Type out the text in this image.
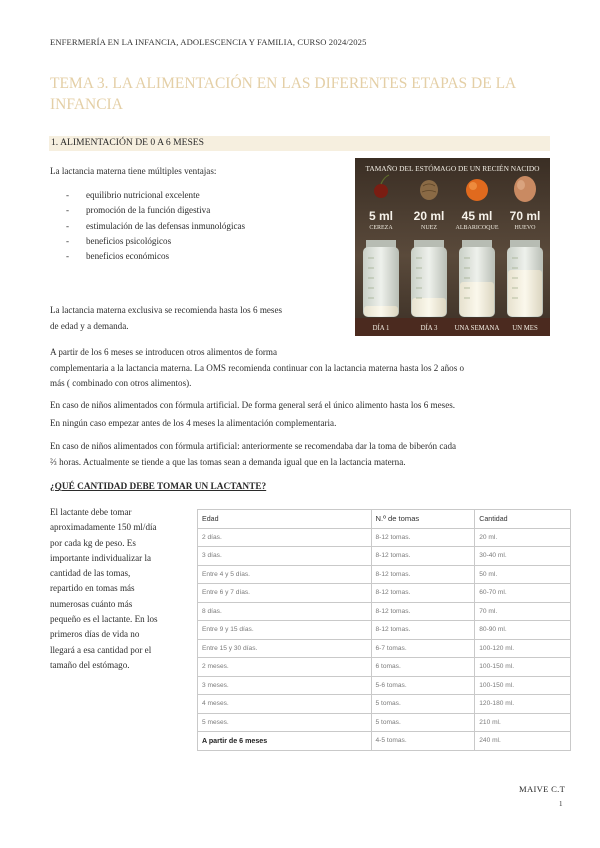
ENFERMERÍA EN LA INFANCIA, ADOLESCENCIA Y FAMILIA, CURSO 2024/2025
TEMA 3. LA ALIMENTACIÓN EN LAS DIFERENTES ETAPAS DE LA INFANCIA
1. ALIMENTACIÓN DE 0 A 6 MESES
La lactancia materna tiene múltiples ventajas:
- equilibrio nutricional excelente
- promoción de la función digestiva
- estimulación de las defensas inmunológicas
- beneficios psicológicos
- beneficios económicos
TAMAÑO DEL ESTÓMAGO DE UN RECIÉN NACIDO
5 ml
CEREZA
DÍA 1
20 ml
NUEZ
DÍA 3
45 ml
ALBARICOQUE
UNA SEMANA
70 ml
HUEVO
UN MES
La lactancia materna exclusiva se recomienda hasta los 6 meses
de edad y a demanda.
A partir de los 6 meses se introducen otros alimentos de forma
complementaria a la lactancia materna. La OMS recomienda continuar con la lactancia materna hasta los 2 años o
más ( combinado con otros alimentos).
En caso de niños alimentados con fórmula artificial. De forma general será el único alimento hasta los 6 meses.
En ningún caso empezar antes de los 4 meses la alimentación complementaria.
En caso de niños alimentados con fórmula artificial: anteriormente se recomendaba dar la toma de biberón cada
⅔ horas. Actualmente se tiende a que las tomas sean a demanda igual que en la lactancia materna.
¿QUÉ CANTIDAD DEBE TOMAR UN LACTANTE?
El lactante debe tomar
aproximadamente 150 ml/día
por cada kg de peso. Es
importante individualizar la
cantidad de las tomas,
repartido en tomas más
numerosas cuánto más
pequeño es el lactante. En los
primeros días de vida no
llegará a esa cantidad por el
tamaño del estómago.
Edad	N.º de tomas	Cantidad
2 días.	8-12 tomas.	20 ml.
3 días.	8-12 tomas.	30-40 ml.
Entre 4 y 5 días.	8-12 tomas.	50 ml.
Entre 6 y 7 días.	8-12 tomas.	60-70 ml.
8 días.	8-12 tomas.	70 ml.
Entre 9 y 15 días.	8-12 tomas.	80-90 ml.
Entre 15 y 30 días.	6-7 tomas.	100-120 ml.
2 meses.	6 tomas.	100-150 ml.
3 meses.	5-6 tomas.	100-150 ml.
4 meses.	5 tomas.	120-180 ml.
5 meses.	5 tomas.	210 ml.
A partir de 6 meses	4-5 tomas.	240 ml.
MAIVE C.T
1
